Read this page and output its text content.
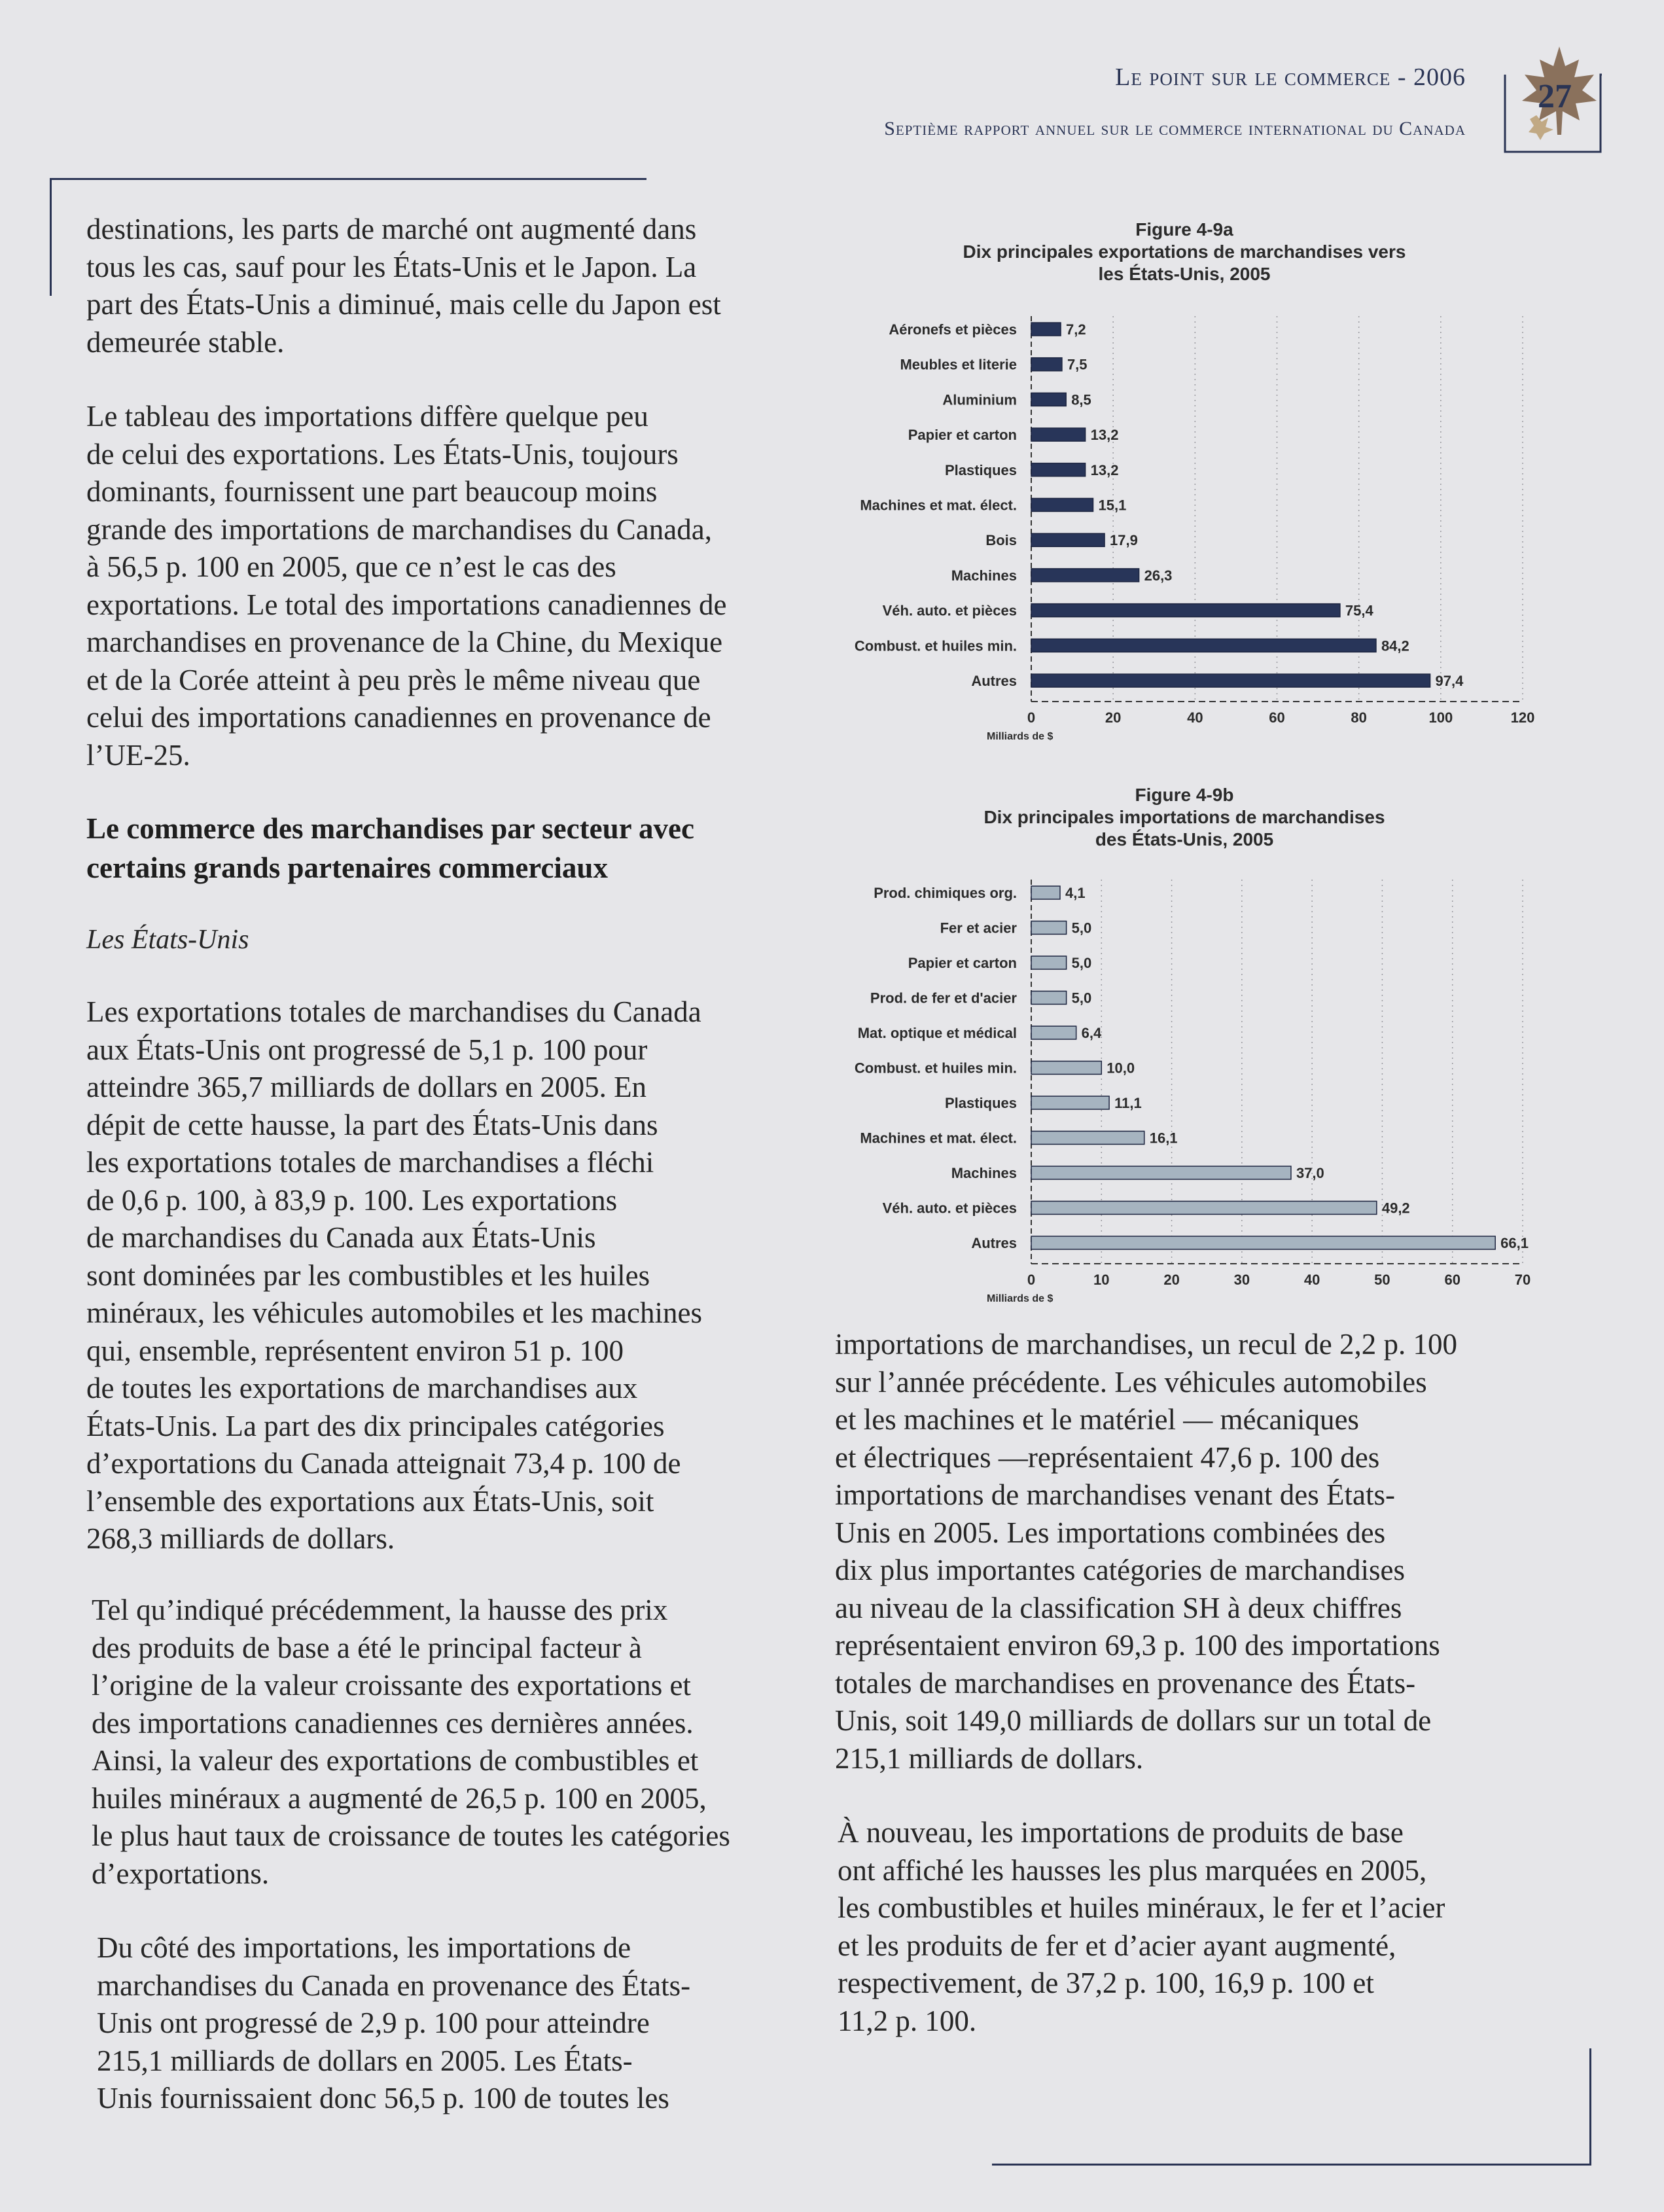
Le point sur le commerce - 2006
Septième rapport annuel sur le commerce international du Canada
27
destinations, les parts de marché ont augmenté dans
tous les cas, sauf pour les États-Unis et le Japon. La
part des États-Unis a diminué, mais celle du Japon est
demeurée stable.
Le tableau des importations diffère quelque peu
de celui des exportations. Les États-Unis, toujours
dominants, fournissent une part beaucoup moins
grande des importations de marchandises du Canada,
à 56,5 p. 100 en 2005, que ce n’est le cas des
exportations. Le total des importations canadiennes de
marchandises en provenance de la Chine, du Mexique
et de la Corée atteint à peu près le même niveau que
celui des importations canadiennes en provenance de
l’UE-25.
Le commerce des marchandises par secteur avec
certains grands partenaires commerciaux
Les États-Unis
Les exportations totales de marchandises du Canada
aux États-Unis ont progressé de 5,1 p. 100 pour
atteindre 365,7 milliards de dollars en 2005. En
dépit de cette hausse, la part des États-Unis dans
les exportations totales de marchandises a fléchi
de 0,6 p. 100, à 83,9 p. 100. Les exportations
de marchandises du Canada aux États-Unis
sont dominées par les combustibles et les huiles
minéraux, les véhicules automobiles et les machines
qui, ensemble, représentent environ 51 p. 100
de toutes les exportations de marchandises aux
États-Unis. La part des dix principales catégories
d’exportations du Canada atteignait 73,4 p. 100 de
l’ensemble des exportations aux États-Unis, soit
268,3 milliards de dollars.
Tel qu’indiqué précédemment, la hausse des prix
des produits de base a été le principal facteur à
l’origine de la valeur croissante des exportations et
des importations canadiennes ces dernières années.
Ainsi, la valeur des exportations de combustibles et
huiles minéraux a augmenté de 26,5 p. 100 en 2005,
le plus haut taux de croissance de toutes les catégories
d’exportations.
Du côté des importations, les importations de
marchandises du Canada en provenance des États-
Unis ont progressé de 2,9 p. 100 pour atteindre
215,1 milliards de dollars en 2005. Les États-
Unis fournissaient donc 56,5 p. 100 de toutes les
Figure 4-9a
Dix principales exportations de marchandises vers
les États-Unis, 2005
Aéronefs et pièces	7,2
Meubles et literie	7,5
Aluminium	8,5
Papier et carton	13,2
Plastiques	13,2
Machines et mat. élect.	15,1
Bois	17,9
Machines	26,3
Véh. auto. et pièces	75,4
Combust. et huiles min.	84,2
Autres	97,4
0	20	40	60	80	100	120
Milliards de $
Figure 4-9b
Dix principales importations de marchandises
des États-Unis, 2005
Prod. chimiques org.	4,1
Fer et acier	5,0
Papier et carton	5,0
Prod. de fer et d'acier	5,0
Mat. optique et médical	6,4
Combust. et huiles min.	10,0
Plastiques	11,1
Machines et mat. élect.	16,1
Machines	37,0
Véh. auto. et pièces	49,2
Autres	66,1
0	10	20	30	40	50	60	70
Milliards de $
importations de marchandises, un recul de 2,2 p. 100
sur l’année précédente. Les véhicules automobiles
et les machines et le matériel — mécaniques
et électriques —représentaient 47,6 p. 100 des
importations de marchandises venant des États-
Unis en 2005. Les importations combinées des
dix plus importantes catégories de marchandises
au niveau de la classification SH à deux chiffres
représentaient environ 69,3 p. 100 des importations
totales de marchandises en provenance des États-
Unis, soit 149,0 milliards de dollars sur un total de
215,1 milliards de dollars.
À nouveau, les importations de produits de base
ont affiché les hausses les plus marquées en 2005,
les combustibles et huiles minéraux, le fer et l’acier
et les produits de fer et d’acier ayant augmenté,
respectivement, de 37,2 p. 100, 16,9 p. 100 et
11,2 p. 100.
